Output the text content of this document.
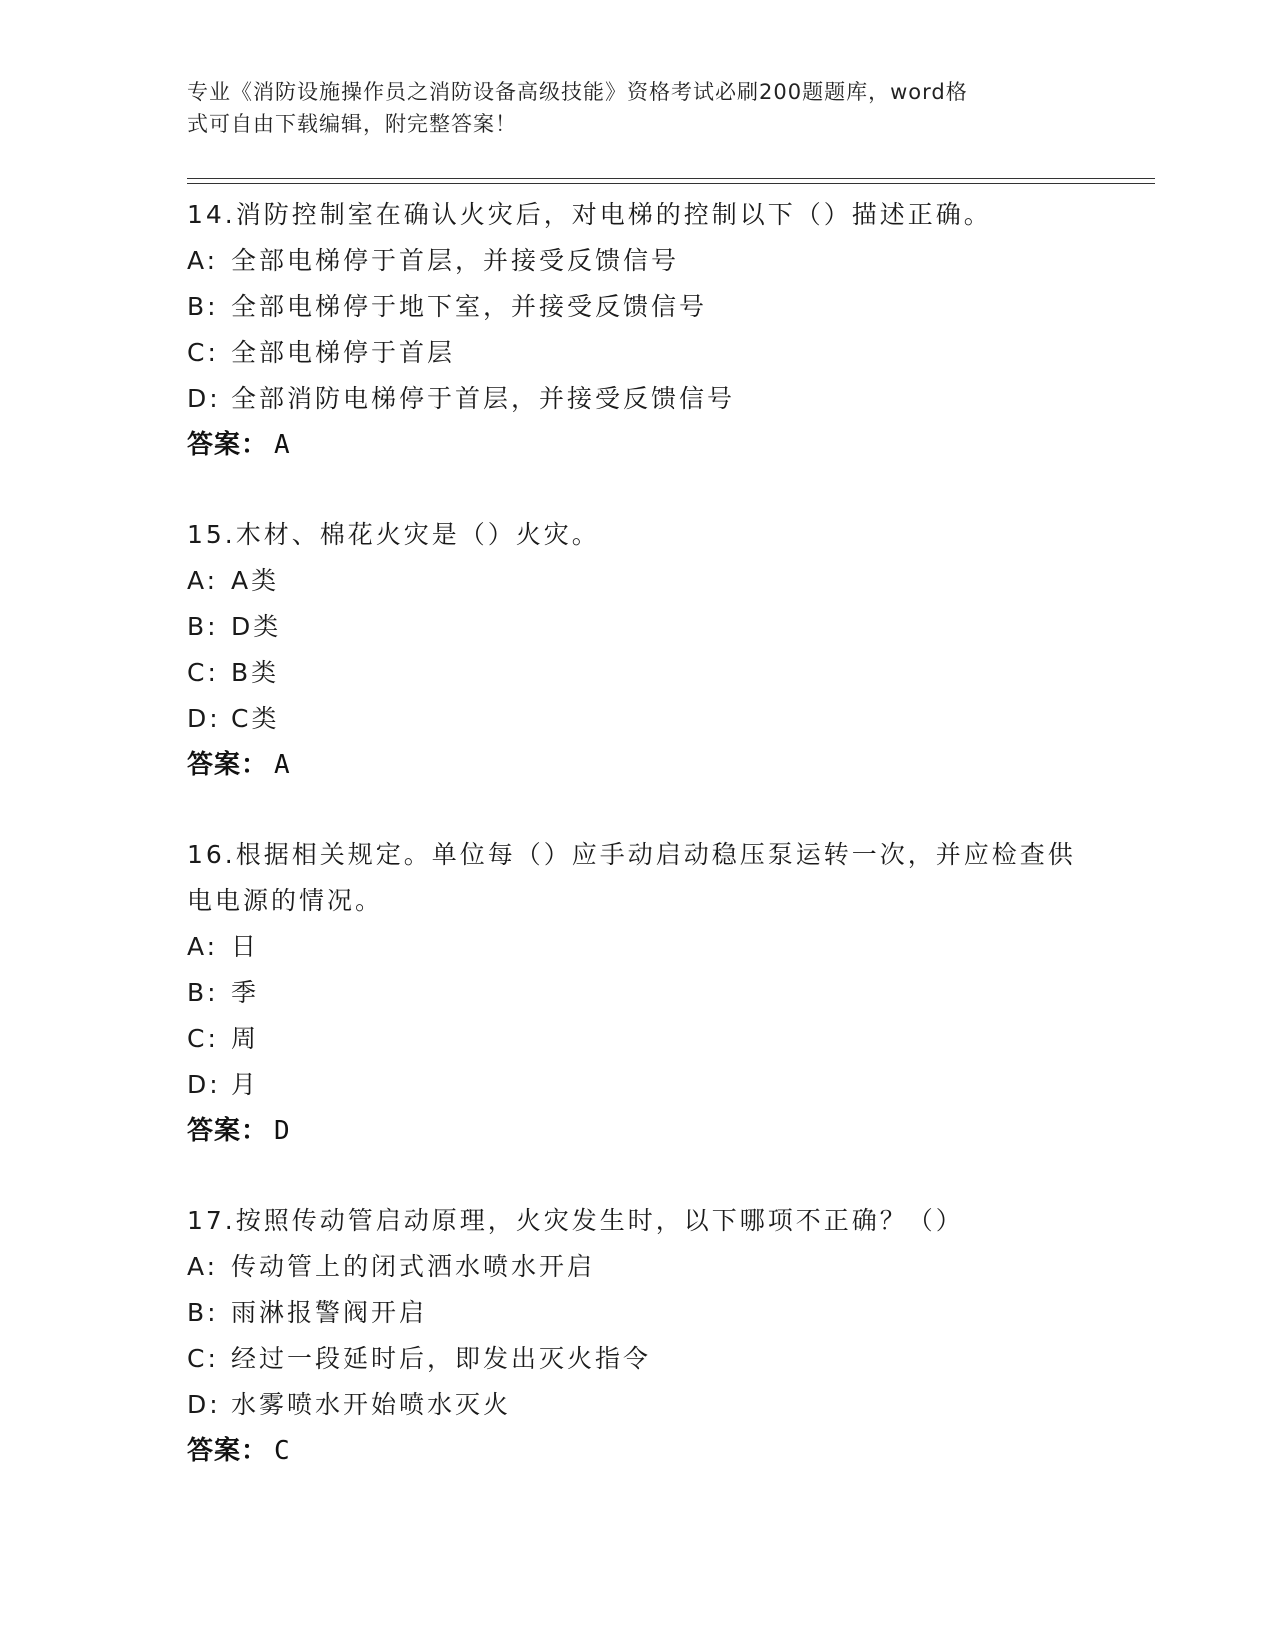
专业《消防设施操作员之消防设备高级技能》资格考试必刷200题题库，word格
式可自由下载编辑，附完整答案！
14.消防控制室在确认火灾后，对电梯的控制以下（）描述正确。
A: 全部电梯停于首层，并接受反馈信号
B: 全部电梯停于地下室，并接受反馈信号
C: 全部电梯停于首层
D: 全部消防电梯停于首层，并接受反馈信号
答案： A
15.木材、棉花火灾是（）火灾。
A: A类
B: D类
C: B类
D: C类
答案： A
16.根据相关规定。单位每（）应手动启动稳压泵运转一次，并应检查供电电源的情况。
A: 日
B: 季
C: 周
D: 月
答案： D
17.按照传动管启动原理，火灾发生时，以下哪项不正确？（）
A: 传动管上的闭式洒水喷水开启
B: 雨淋报警阀开启
C: 经过一段延时后，即发出灭火指令
D: 水雾喷水开始喷水灭火
答案： C
